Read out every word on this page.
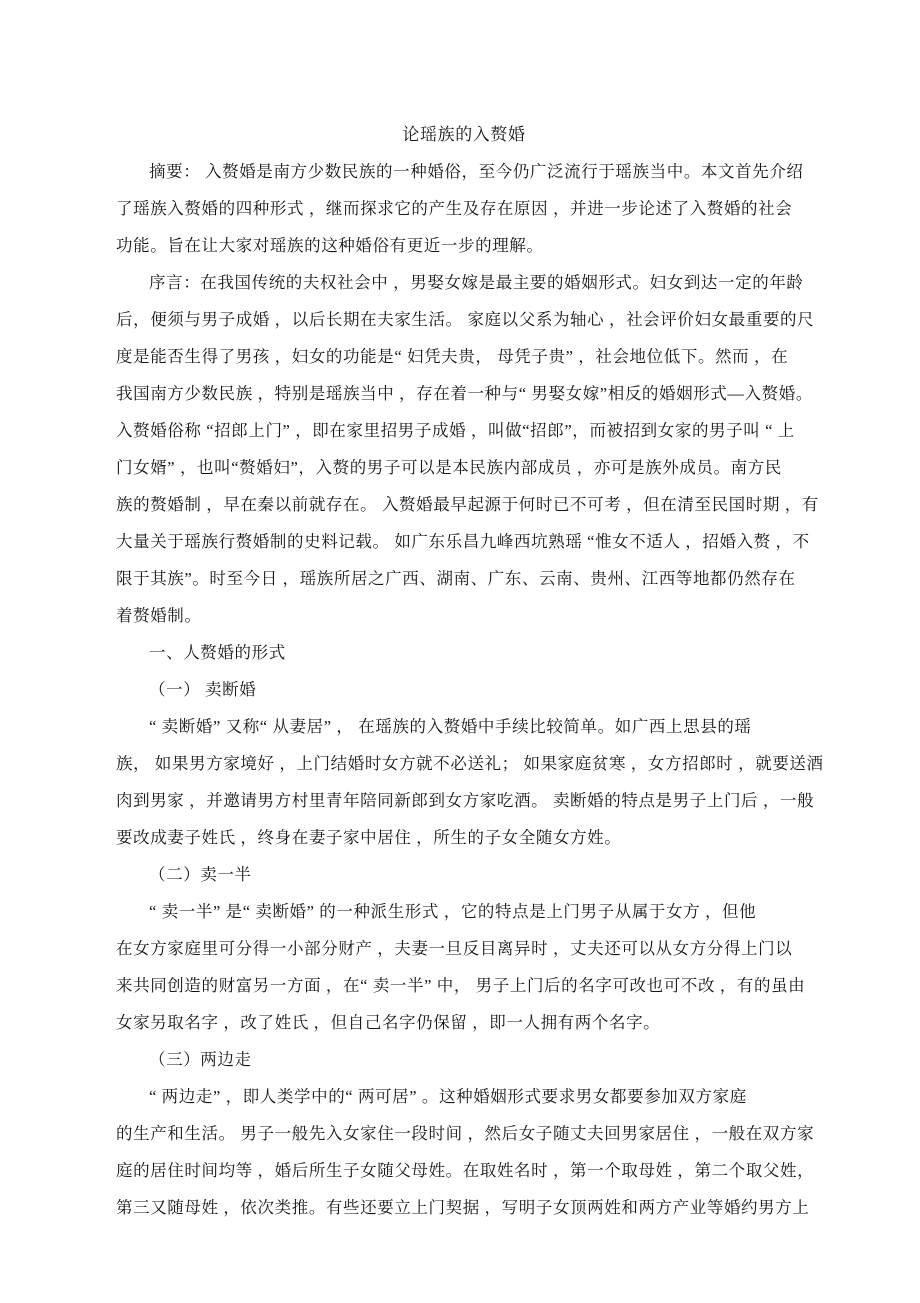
论瑶族的入赘婚
摘要： 入赘婚是南方少数民族的一种婚俗，至今仍广泛流行于瑶族当中。本文首先介绍
了瑶族入赘婚的四种形式 ，继而探求它的产生及存在原因 ，并进一步论述了入赘婚的社会
功能。旨在让大家对瑶族的这种婚俗有更近一步的理解。
序言：在我国传统的夫权社会中 ，男娶女嫁是最主要的婚姻形式。妇女到达一定的年龄
后，便须与男子成婚 ，以后长期在夫家生活。 家庭以父系为轴心 ，社会评价妇女最重要的尺
度是能否生得了男孩 ，妇女的功能是“ 妇凭夫贵， 母凭子贵” ，社会地位低下。然而 ，在
我国南方少数民族 ，特别是瑶族当中 ，存在着一种与“ 男娶女嫁”相反的婚姻形式—入赘婚。
入赘婚俗称 “招郎上门” ，即在家里招男子成婚 ，叫做“招郎”，而被招到女家的男子叫 “ 上
门女婿” ，也叫“赘婚妇”，入赘的男子可以是本民族内部成员 ，亦可是族外成员。南方民
族的赘婚制 ，早在秦以前就存在。 入赘婚最早起源于何时已不可考 ，但在清至民国时期 ，有
大量关于瑶族行赘婚制的史料记载。 如广东乐昌九峰西坑熟瑶 “惟女不适人 ，招婚入赘 ，不
限于其族”。时至今日 ，瑶族所居之广西、湖南、广东、云南、贵州、江西等地都仍然存在
着赘婚制。
一、人赘婚的形式
（一） 卖断婚
“ 卖断婚” 又称“ 从妻居” ， 在瑶族的入赘婚中手续比较简单。如广西上思县的瑶
族， 如果男方家境好 ，上门结婚时女方就不必送礼； 如果家庭贫寒 ，女方招郎时 ，就要送酒
肉到男家 ，并邀请男方村里青年陪同新郎到女方家吃酒。 卖断婚的特点是男子上门后 ，一般
要改成妻子姓氏 ，终身在妻子家中居住 ，所生的子女全随女方姓。
（二）卖一半
“ 卖一半” 是“ 卖断婚” 的一种派生形式 ，它的特点是上门男子从属于女方 ，但他
在女方家庭里可分得一小部分财产 ，夫妻一旦反目离异时 ，丈夫还可以从女方分得上门以
来共同创造的财富另一方面 ，在“ 卖一半” 中， 男子上门后的名字可改也可不改 ，有的虽由
女家另取名字 ，改了姓氏 ，但自己名字仍保留 ，即一人拥有两个名字。
（三）两边走
“ 两边走” ，即人类学中的“ 两可居” 。这种婚姻形式要求男女都要参加双方家庭
的生产和生活。 男子一般先入女家住一段时间 ，然后女子随丈夫回男家居住 ，一般在双方家
庭的居住时间均等 ，婚后所生子女随父母姓。在取姓名时 ，第一个取母姓 ，第二个取父姓，
第三又随母姓 ，依次类推。有些还要立上门契据 ，写明子女顶两姓和两方产业等婚约男方上
